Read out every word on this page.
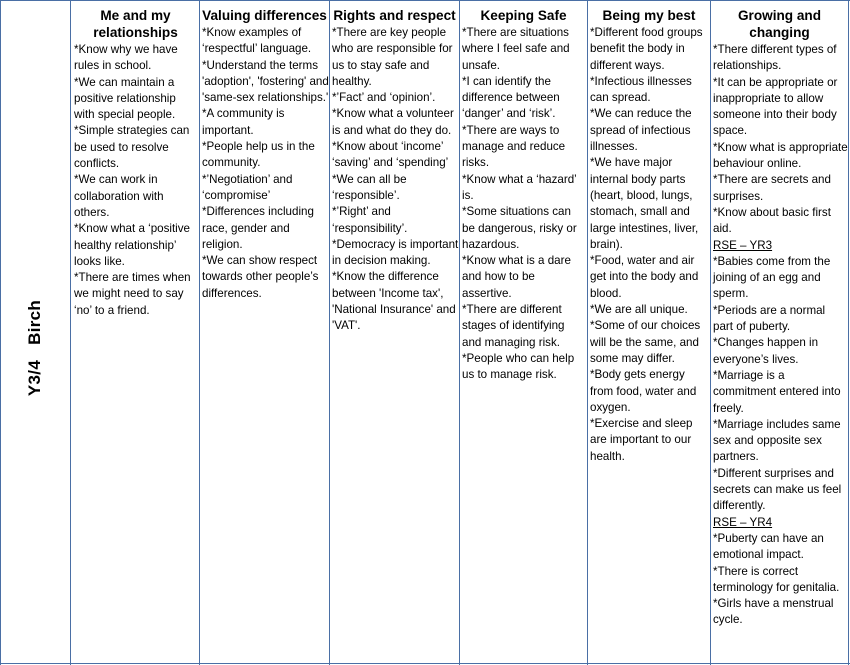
Y3/4   Birch
Me and my relationships

*Know why we have rules in school.

*We can maintain a positive relationship with special people.

*Simple strategies can be used to resolve conflicts.

*We can work in collaboration with others.

*Know what a ‘positive healthy relationship’ looks like.

*There are times when we might need to say ‘no’ to a friend.

Valuing differences

*Know examples of ‘respectful’ language.

*Understand the terms 'adoption', 'fostering' and 'same-sex relationships.'

*A community is important.

*People help us in the community.

*’Negotiation’ and ‘compromise’

*Differences including race, gender and religion.

*We can show respect towards other people’s differences.

Rights and respect

*There are key people who are responsible for us to stay safe and healthy.

*’Fact’ and ‘opinion’.

*Know what a volunteer is and what do they do.

*Know about ‘income’ ‘saving’ and ‘spending’

*We can all be ‘responsible’.

*’Right’ and ‘responsibility’.

*Democracy is important in decision making.

*Know the difference between 'Income tax', 'National Insurance' and 'VAT'.

Keeping Safe

*There are situations where I feel safe and unsafe.

*I can identify the difference between ‘danger’ and ‘risk’.

*There are ways to manage and reduce risks.

*Know what a ‘hazard’ is.

*Some situations can be dangerous, risky or hazardous.

*Know what is a dare and how to be assertive.

*There are different stages of identifying and managing risk.

*People who can help us to manage risk.

Being my best

*Different food groups benefit the body in different ways.

*Infectious illnesses can spread.

*We can reduce the spread of infectious illnesses.

*We have major internal body parts (heart, blood, lungs, stomach, small and large intestines, liver, brain).

*Food, water and air get into the body and blood.

*We are all unique.

*Some of our choices will be the same, and some may differ.

*Body gets energy from food, water and oxygen.

*Exercise and sleep are important to our health.

Growing and changing

*There different types of relationships.

*It can be appropriate or inappropriate to allow someone into their body space.

*Know what is appropriate behaviour online.

*There are secrets and surprises.

*Know about basic first aid.

RSE – YR3

*Babies come from the joining of an egg and sperm.

*Periods are a normal part of puberty.

*Changes happen in everyone’s lives.

*Marriage is a commitment entered into freely.

*Marriage includes same sex and opposite sex partners.

*Different surprises and secrets can make us feel differently.

RSE – YR4

*Puberty can have an emotional impact.

*There is correct terminology for genitalia.

*Girls have a menstrual cycle.
